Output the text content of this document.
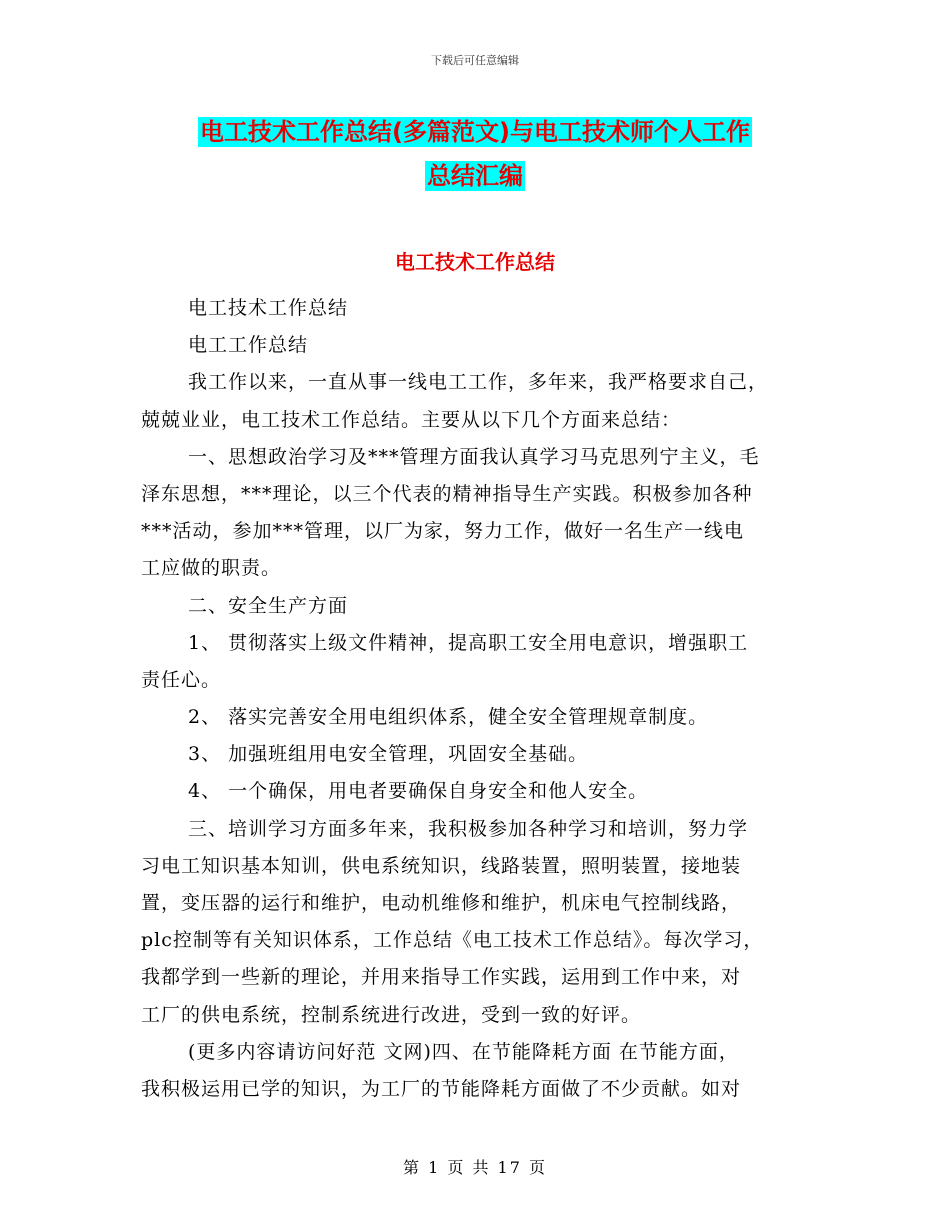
下载后可任意编辑
电工技术工作总结(多篇范文)与电工技术师个人工作
总结汇编
电工技术工作总结
电工技术工作总结
电工工作总结
我工作以来，一直从事一线电工工作，多年来，我严格要求自己，
兢兢业业，电工技术工作总结。主要从以下几个方面来总结：
一、思想政治学习及***管理方面我认真学习马克思列宁主义，毛
泽东思想，***理论，以三个代表的精神指导生产实践。积极参加各种
***活动，参加***管理，以厂为家，努力工作，做好一名生产一线电
工应做的职责。
二、安全生产方面
1、 贯彻落实上级文件精神，提高职工安全用电意识，增强职工
责任心。
2、 落实完善安全用电组织体系，健全安全管理规章制度。
3、 加强班组用电安全管理，巩固安全基础。
4、 一个确保，用电者要确保自身安全和他人安全。
三、培训学习方面多年来，我积极参加各种学习和培训，努力学
习电工知识基本知训，供电系统知识，线路装置，照明装置，接地装
置，变压器的运行和维护，电动机维修和维护，机床电气控制线路，
plc控制等有关知识体系，工作总结《电工技术工作总结》。每次学习，
我都学到一些新的理论，并用来指导工作实践，运用到工作中来，对
工厂的供电系统，控制系统进行改进，受到一致的好评。
(更多内容请访问好范 文网)四、在节能降耗方面 在节能方面，
我积极运用已学的知识，为工厂的节能降耗方面做了不少贡献。如对
第 1 页 共 17 页
